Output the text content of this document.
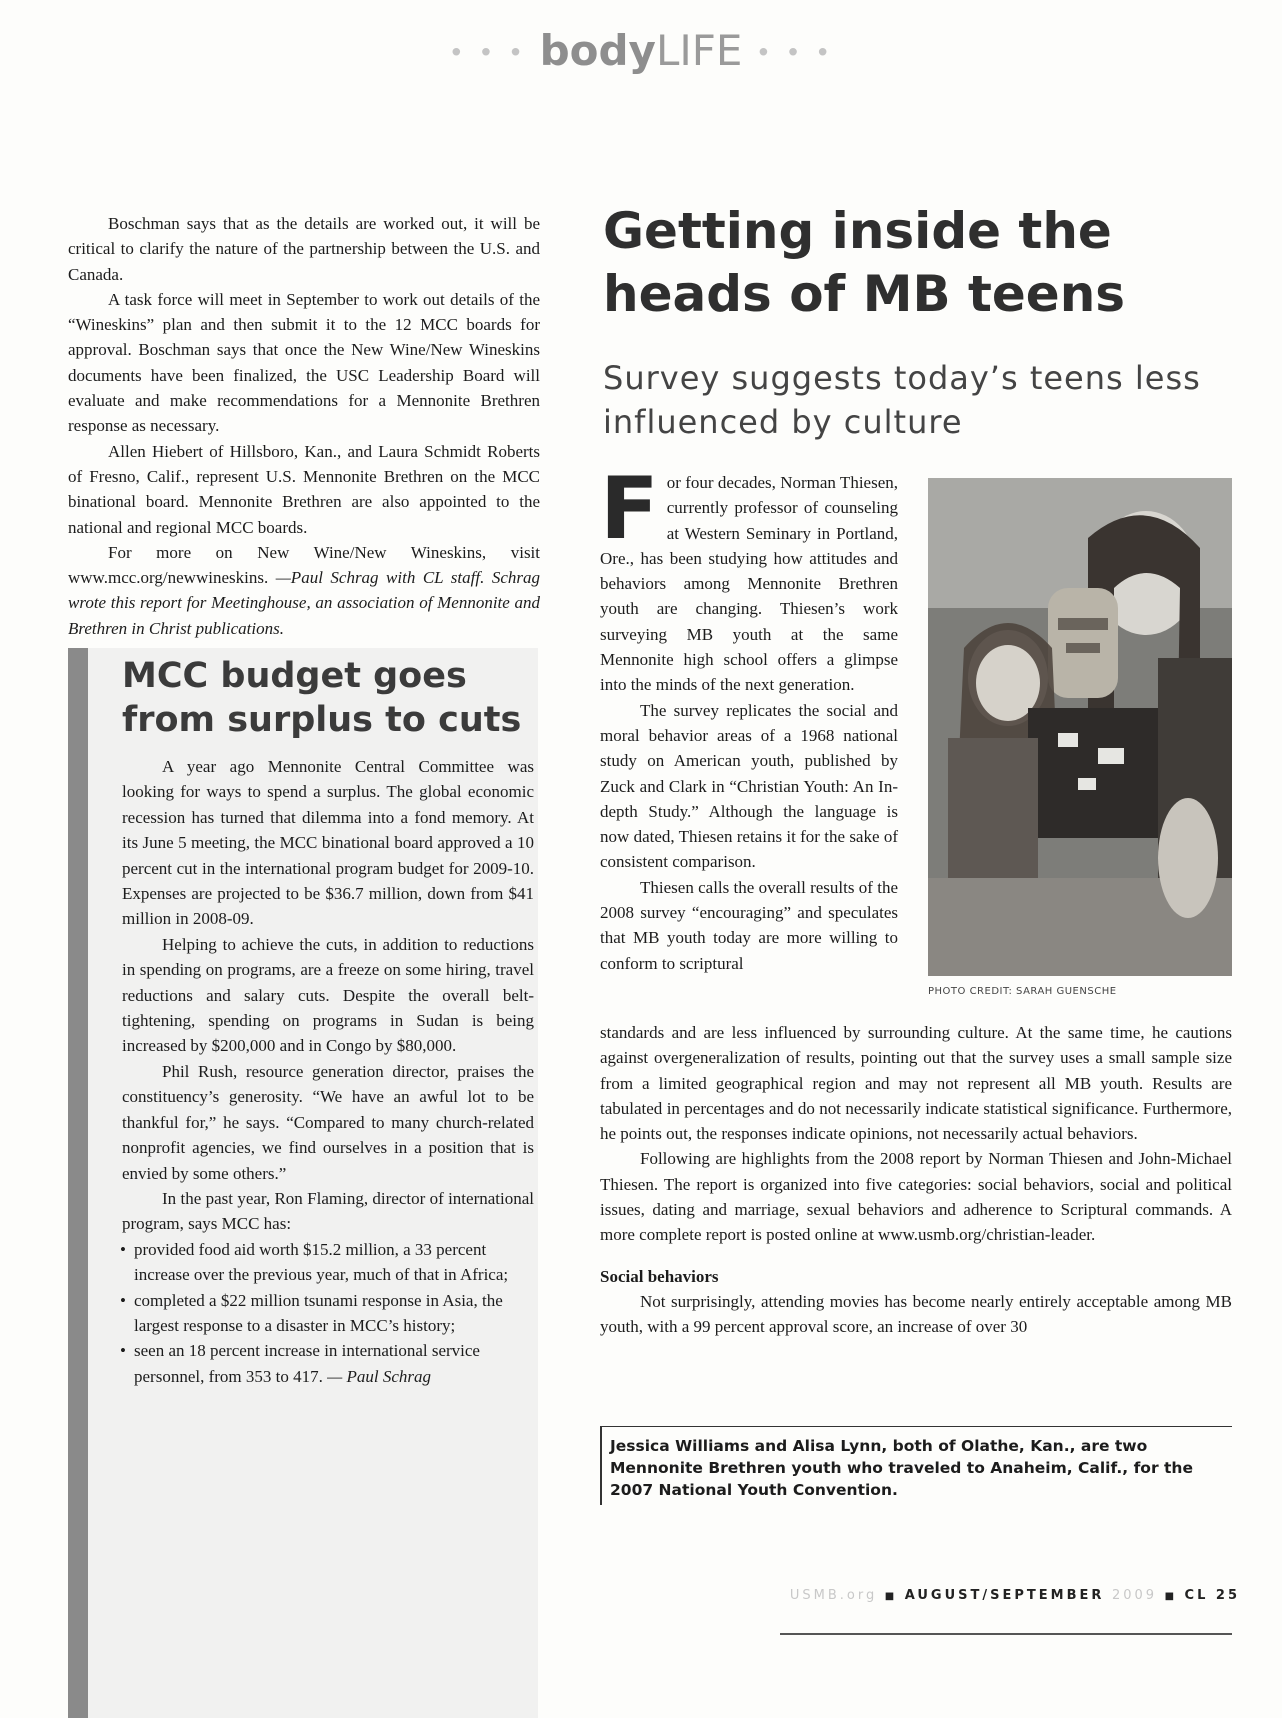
• • • bodyLIFE • • •

Boschman says that as the details are worked out, it will be critical to clarify the nature of the partnership between the U.S. and Canada.

A task force will meet in September to work out details of the “Wineskins” plan and then submit it to the 12 MCC boards for approval. Boschman says that once the New Wine/New Wineskins documents have been finalized, the USC Leadership Board will evaluate and make recommendations for a Mennonite Brethren response as necessary.

Allen Hiebert of Hillsboro, Kan., and Laura Schmidt Roberts of Fresno, Calif., represent U.S. Mennonite Brethren on the MCC binational board. Mennonite Brethren are also appointed to the national and regional MCC boards.

For more on New Wine/New Wineskins, visit www.mcc.org/newwineskins. —Paul Schrag with CL staff. Schrag wrote this report for Meetinghouse, an association of Mennonite and Brethren in Christ publications.

MCC budget goes from surplus to cuts

A year ago Mennonite Central Committee was looking for ways to spend a surplus. The global economic recession has turned that dilemma into a fond memory. At its June 5 meeting, the MCC binational board approved a 10 percent cut in the international program budget for 2009-10. Expenses are projected to be $36.7 million, down from $41 million in 2008-09.

Helping to achieve the cuts, in addition to reductions in spending on programs, are a freeze on some hiring, travel reductions and salary cuts. Despite the overall belt-tightening, spending on programs in Sudan is being increased by $200,000 and in Congo by $80,000.

Phil Rush, resource generation director, praises the constituency’s generosity. “We have an awful lot to be thankful for,” he says. “Compared to many church-related nonprofit agencies, we find ourselves in a position that is envied by some others.”

In the past year, Ron Flaming, director of international program, says MCC has:

• provided food aid worth $15.2 million, a 33 percent increase over the previous year, much of that in Africa;
• completed a $22 million tsunami response in Asia, the largest response to a disaster in MCC’s history;
• seen an 18 percent increase in international service personnel, from 353 to 417. — Paul Schrag
Getting inside the heads of MB teens
Survey suggests today’s teens less influenced by culture
F or four decades, Norman Thiesen, currently professor of counseling at Western Seminary in Portland, Ore., has been studying how attitudes and behaviors among Mennonite Brethren youth are changing. Thiesen’s work surveying MB youth at the same Mennonite high school offers a glimpse into the minds of the next generation.

The survey replicates the social and moral behavior areas of a 1968 national study on American youth, published by Zuck and Clark in “Christian Youth: An In-depth Study.” Although the language is now dated, Thiesen retains it for the sake of consistent comparison.

Thiesen calls the overall results of the 2008 survey “encouraging” and speculates that MB youth today are more willing to conform to scriptural

PHOTO CREDIT: SARAH GUENSCHE

standards and are less influenced by surrounding culture. At the same time, he cautions against overgeneralization of results, pointing out that the survey uses a small sample size from a limited geographical region and may not represent all MB youth. Results are tabulated in percentages and do not necessarily indicate statistical significance. Furthermore, he points out, the responses indicate opinions, not necessarily actual behaviors.

Following are highlights from the 2008 report by Norman Thiesen and John-Michael Thiesen. The report is organized into five categories: social behaviors, social and political issues, dating and marriage, sexual behaviors and adherence to Scriptural commands. A more complete report is posted online at www.usmb.org/christian-leader.

Social behaviors

Not surprisingly, attending movies has become nearly entirely acceptable among MB youth, with a 99 percent approval score, an increase of over 30

Jessica Williams and Alisa Lynn, both of Olathe, Kan., are two Mennonite Brethren youth who traveled to Anaheim, Calif., for the 2007 National Youth Convention.
USMB.org ■ AUGUST/SEPTEMBER 2009 ■ CL 25
